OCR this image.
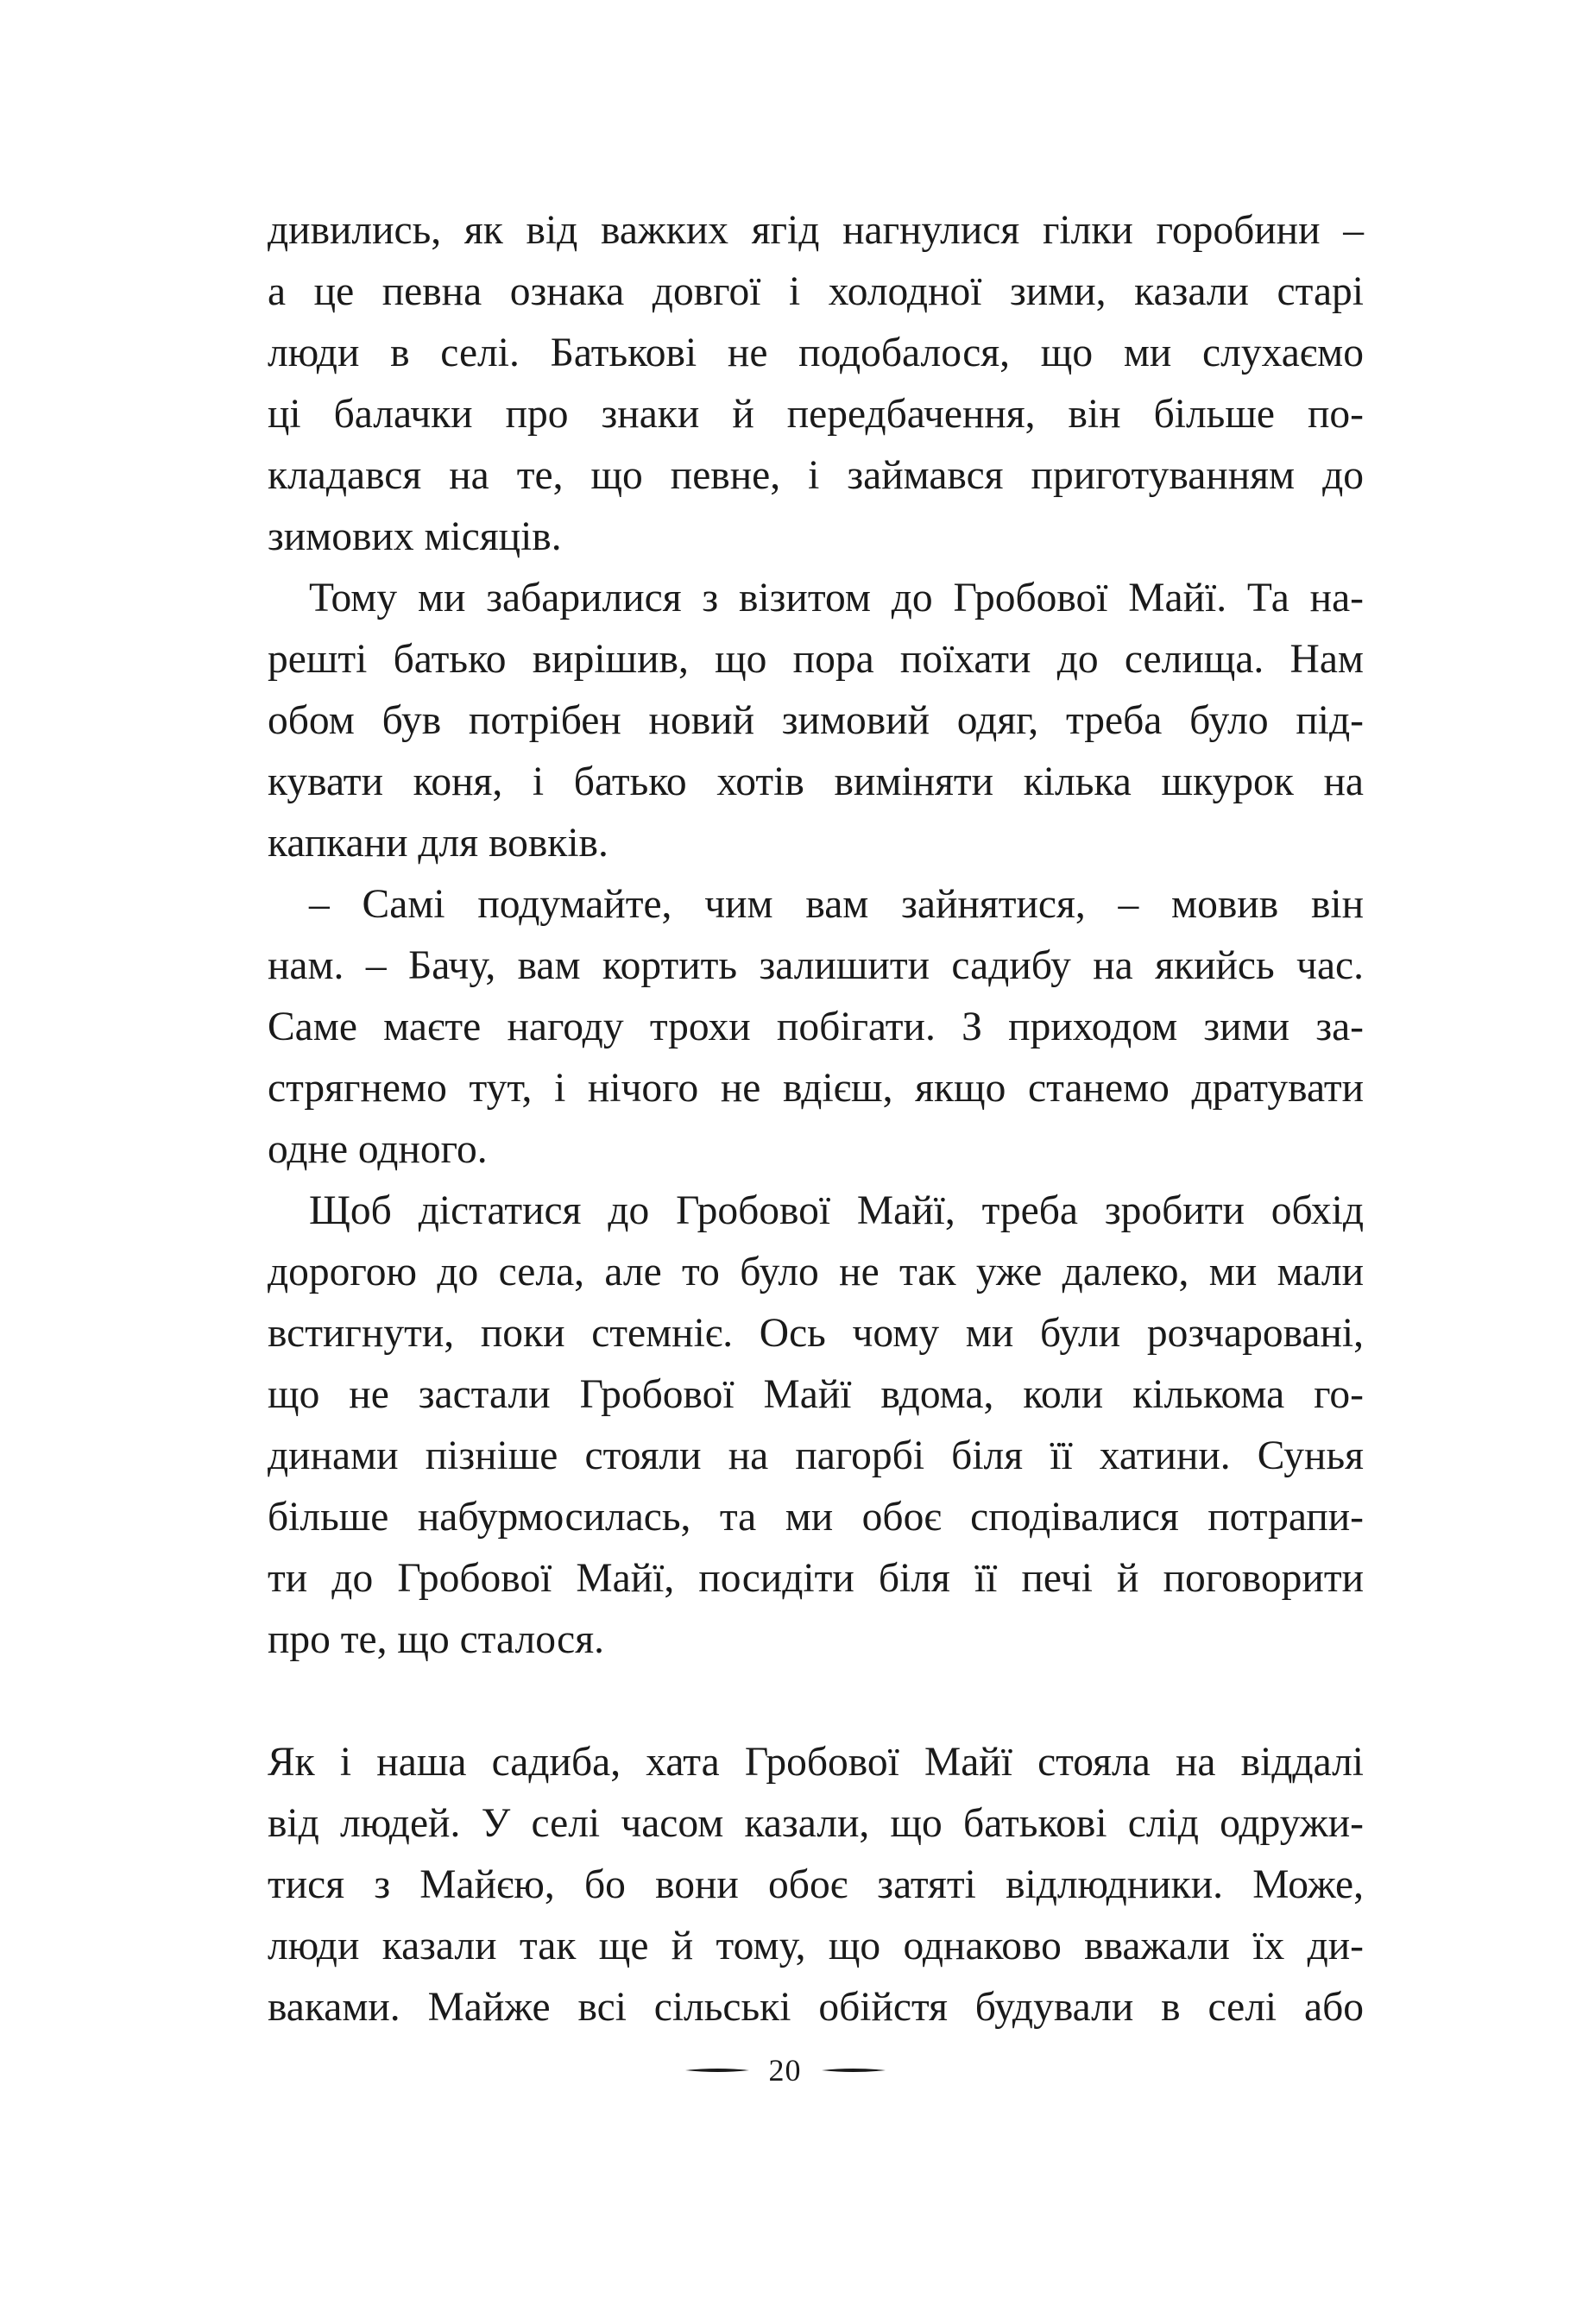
дивились, як від важких ягід нагнулися гілки горобини –
а це певна ознака довгої і холодної зими, казали старі
люди в селі. Батькові не подобалося, що ми слухаємо
ці балачки про знаки й передбачення, він більше по-
кладався на те, що певне, і займався приготуванням до
зимових місяців.
Тому ми забарилися з візитом до Гробової Майї. Та на-
решті батько вирішив, що пора поїхати до селища. Нам
обом був потрібен новий зимовий одяг, треба було під-
кувати коня, і батько хотів виміняти кілька шкурок на
капкани для вовків.
– Самі подумайте, чим вам зайнятися, – мовив він
нам. – Бачу, вам кортить залишити садибу на якийсь час.
Саме маєте нагоду трохи побігати. З приходом зими за-
стрягнемо тут, і нічого не вдієш, якщо станемо дратувати
одне одного.
Щоб дістатися до Гробової Майї, треба зробити обхід
дорогою до села, але то було не так уже далеко, ми мали
встигнути, поки стемніє. Ось чому ми були розчаровані,
що не застали Гробової Майї вдома, коли кількома го-
динами пізніше стояли на пагорбі біля її хатини. Сунья
більше набурмосилась, та ми обоє сподівалися потрапи-
ти до Гробової Майї, посидіти біля її печі й поговорити
про те, що сталося.
Як і наша садиба, хата Гробової Майї стояла на віддалі
від людей. У селі часом казали, що батькові слід одружи-
тися з Майєю, бо вони обоє затяті відлюдники. Може,
люди казали так ще й тому, що однаково вважали їх ди-
ваками. Майже всі сільські обійстя будували в селі або
20
